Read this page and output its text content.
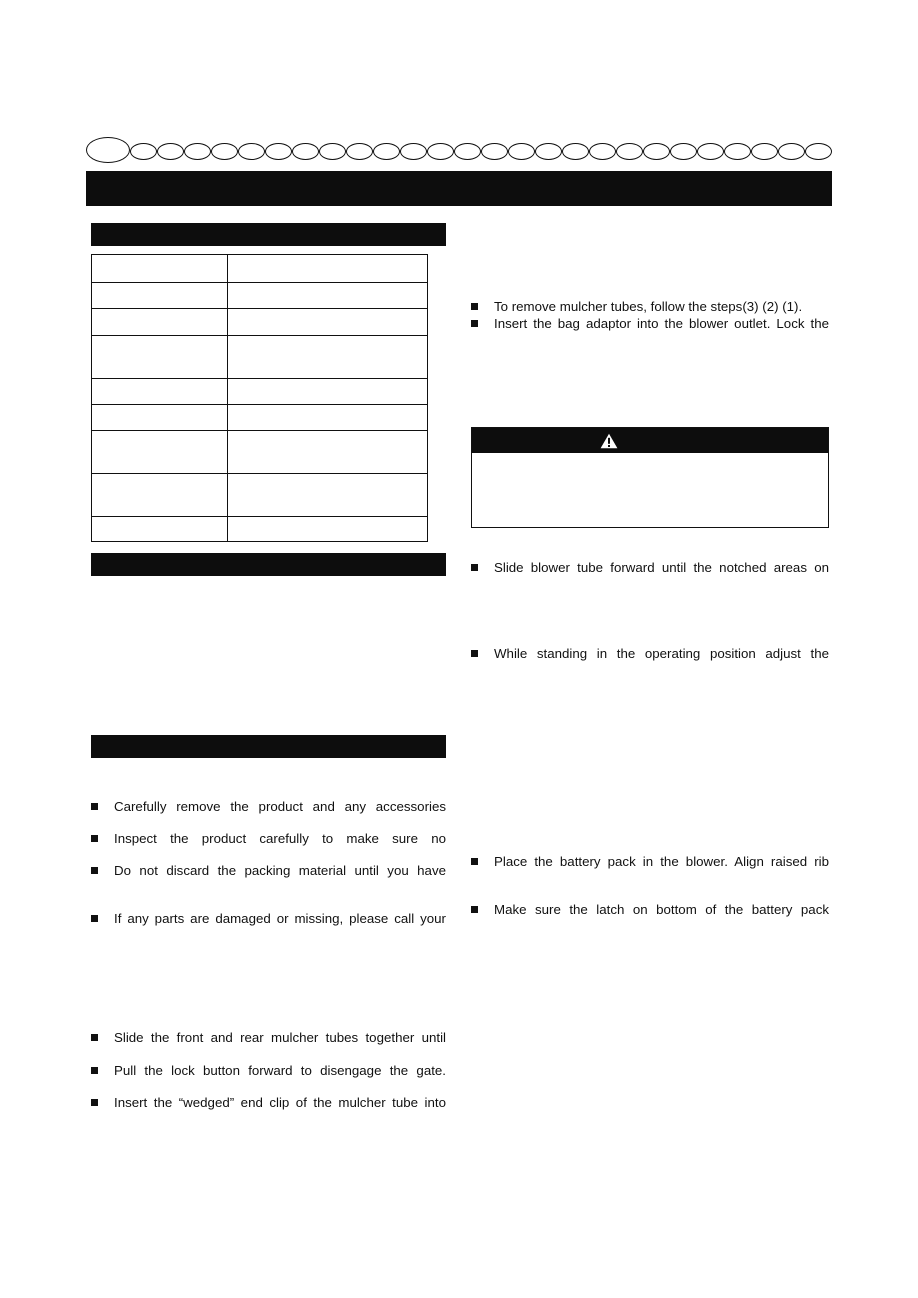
Carefully remove the product and any accessories
Inspect the product carefully to make sure no
Do not discard the packing material until you have
If any parts are damaged or missing, please call your
Slide the front and rear mulcher tubes together until
Pull the lock button forward to disengage the gate.
Insert the “wedged” end clip of the mulcher tube into
To remove mulcher tubes, follow the steps(3) (2) (1).
Insert the bag adaptor into the blower outlet. Lock the
Slide blower tube forward until the notched areas on
While standing in the operating position adjust the
Place the battery pack in the blower. Align raised rib
Make sure the latch on bottom of the battery pack
